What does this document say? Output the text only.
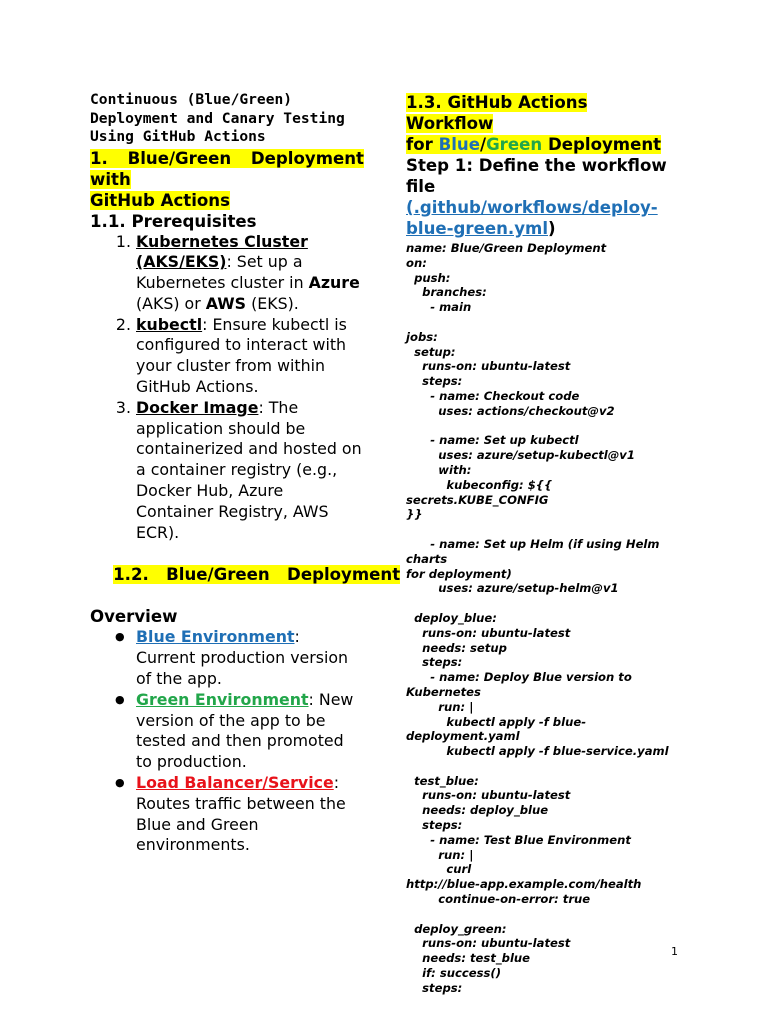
Continuous (Blue/Green)
Deployment and Canary Testing
Using GitHub Actions

1. Blue/Green Deployment with

GitHub Actions

1.1. Prerequisites

1. Kubernetes Cluster (AKS/EKS): Set up a Kubernetes cluster in Azure (AKS) or AWS (EKS).
2. kubectl: Ensure kubectl is configured to interact with your cluster from within GitHub Actions.
3. Docker Image: The application should be containerized and hosted on a container registry (e.g., Docker Hub, Azure Container Registry, AWS ECR).

1.2.   Blue/Green   Deployment

Overview

● Blue Environment: Current production version of the app.
● Green Environment: New version of the app to be tested and then promoted to production.
● Load Balancer/Service: Routes traffic between the Blue and Green environments.

1.3. GitHub Actions Workflow
for Blue/Green Deployment

Step 1: Define the workflow file (.github/workflows/deploy-blue-green.yml)

name: Blue/Green Deployment
on:
push:
branches:
- main

jobs:
setup:
runs-on: ubuntu-latest
steps:
- name: Checkout code
uses: actions/checkout@v2

- name: Set up kubectl
uses: azure/setup-kubectl@v1
with:
kubeconfig: ${{ secrets.KUBE_CONFIG
}}

- name: Set up Helm (if using Helm charts
for deployment)
uses: azure/setup-helm@v1

deploy_blue:
runs-on: ubuntu-latest
needs: setup
steps:
- name: Deploy Blue version to
Kubernetes
run: |
kubectl apply -f blue-deployment.yaml
kubectl apply -f blue-service.yaml

test_blue:
runs-on: ubuntu-latest
needs: deploy_blue
steps:
- name: Test Blue Environment
run: |
curl
http://blue-app.example.com/health
continue-on-error: true

deploy_green:
runs-on: ubuntu-latest
needs: test_blue
if: success()
steps:
1
